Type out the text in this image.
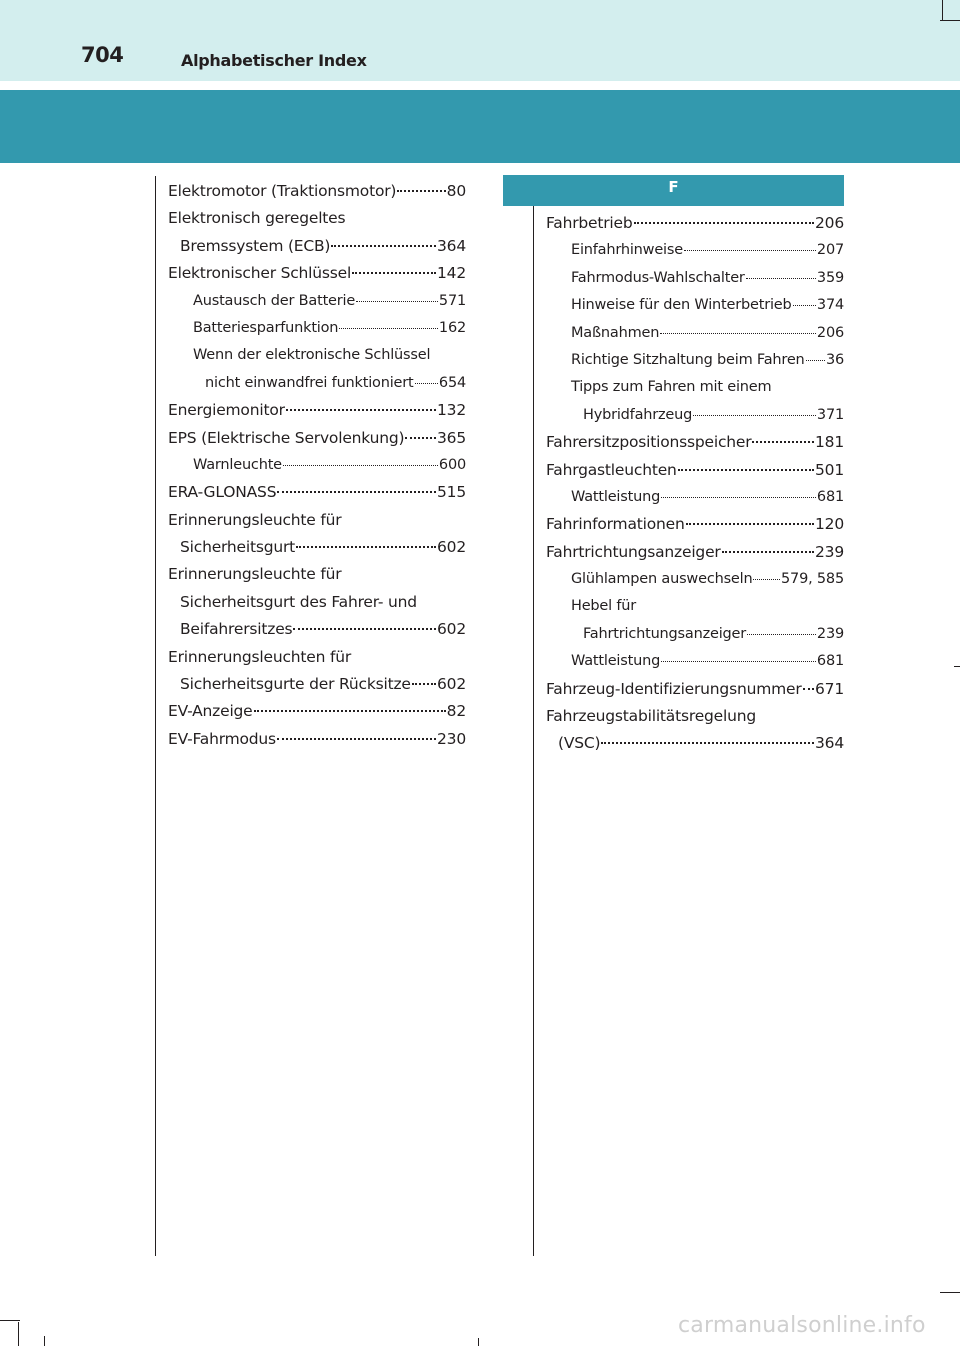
704	Alphabetischer Index
F
Elektromotor (Traktionsmotor)	80
Elektronisch geregeltes
Bremssystem (ECB)	364
Elektronischer Schlüssel	142
Austausch der Batterie	571
Batteriesparfunktion	162
Wenn der elektronische Schlüssel
nicht einwandfrei funktioniert 654
Energiemonitor	132
EPS (Elektrische Servolenkung) 365
Warnleuchte	600
ERA-GLONASS	515
Erinnerungsleuchte für
Sicherheitsgurt	602
Erinnerungsleuchte für
Sicherheitsgurt des Fahrer- und
Beifahrersitzes	602
Erinnerungsleuchten für
Sicherheitsgurte der Rücksitze 602
EV-Anzeige	82
EV-Fahrmodus	230
Fahrbetrieb	206
Einfahrhinweise	207
Fahrmodus-Wahlschalter	359
Hinweise für den Winterbetrieb 374
Maßnahmen	206
Richtige Sitzhaltung beim Fahren 36
Tipps zum Fahren mit einem
Hybridfahrzeug	371
Fahrersitzpositionsspeicher	181
Fahrgastleuchten	501
Wattleistung	681
Fahrinformationen	120
Fahrtrichtungsanzeiger	239
Glühlampen auswechseln 579, 585
Hebel für
Fahrtrichtungsanzeiger	239
Wattleistung	681
Fahrzeug-Identifizierungsnummer 671
Fahrzeugstabilitätsregelung
(VSC)	364
carmanualsonline.info
